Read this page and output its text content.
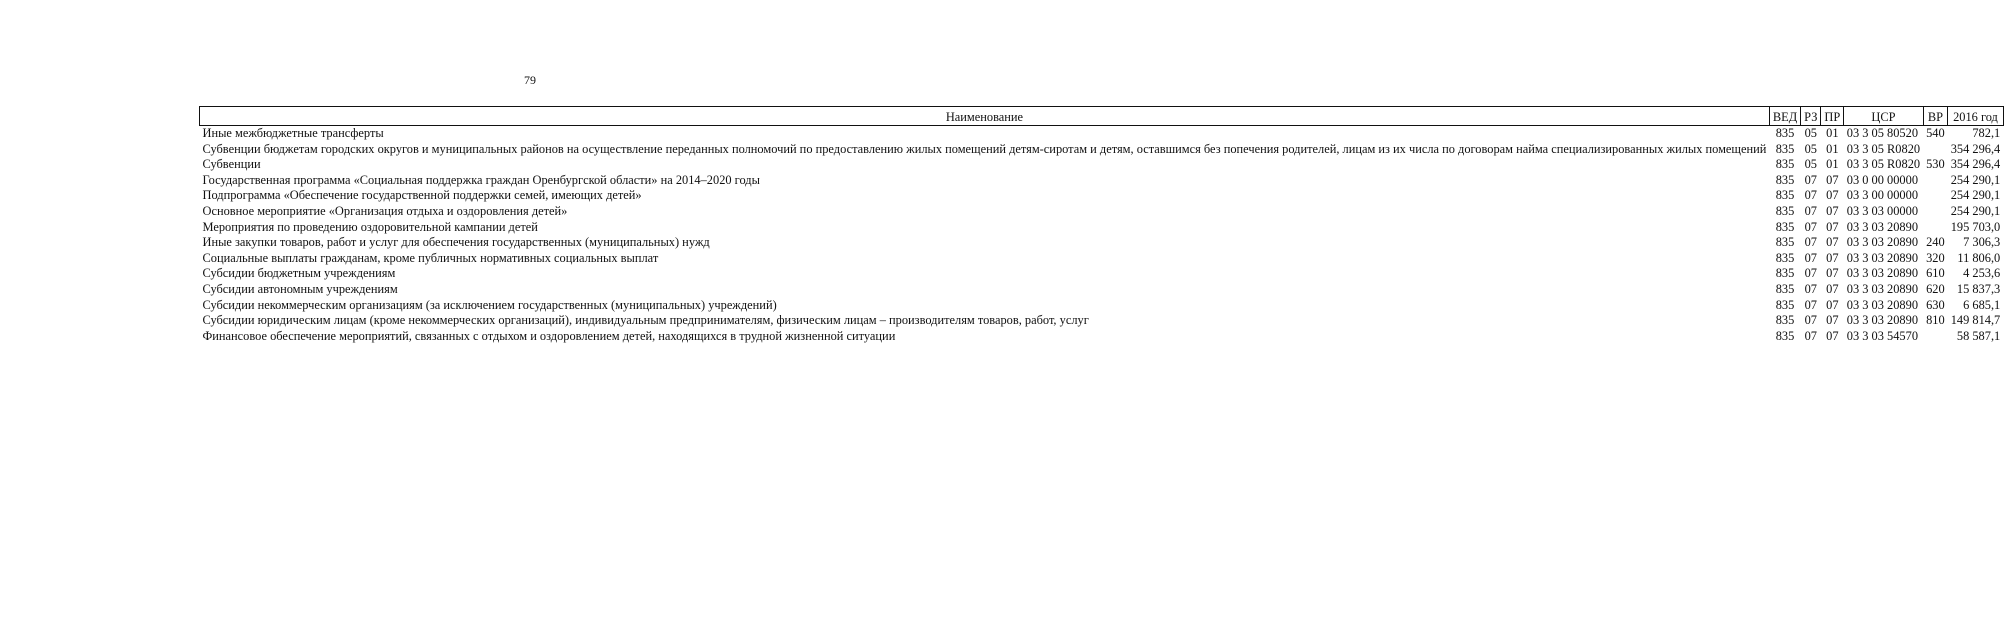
79
Наименование	ВЕД	РЗ	ПР	ЦСР	ВР	2016 год
Иные межбюджетные трансферты	835	05	01	03 3 05 80520	540	782,1
Субвенции бюджетам городских округов и муниципальных районов на осуществление переданных полномочий по предоставлению жилых помещений детям-сиротам и детям, оставшимся без попечения родителей, лицам из их числа по договорам найма специализированных жилых помещений	835	05	01	03 3 05 R0820		354 296,4
Субвенции	835	05	01	03 3 05 R0820	530	354 296,4
Государственная программа «Социальная поддержка граждан Оренбургской области» на 2014–2020 годы	835	07	07	03 0 00 00000		254 290,1
Подпрограмма «Обеспечение государственной поддержки семей, имеющих детей»	835	07	07	03 3 00 00000		254 290,1
Основное мероприятие «Организация отдыха и оздоровления детей»	835	07	07	03 3 03 00000		254 290,1
Мероприятия по проведению оздоровительной кампании детей	835	07	07	03 3 03 20890		195 703,0
Иные закупки товаров, работ и услуг для обеспечения государственных (муниципальных) нужд	835	07	07	03 3 03 20890	240	7 306,3
Социальные выплаты гражданам, кроме публичных нормативных социальных выплат	835	07	07	03 3 03 20890	320	11 806,0
Субсидии бюджетным учреждениям	835	07	07	03 3 03 20890	610	4 253,6
Субсидии автономным учреждениям	835	07	07	03 3 03 20890	620	15 837,3
Субсидии некоммерческим организациям (за исключением государственных (муниципальных) учреждений)	835	07	07	03 3 03 20890	630	6 685,1
Субсидии юридическим лицам (кроме некоммерческих организаций), индивидуальным предпринимателям, физическим лицам – производителям товаров, работ, услуг	835	07	07	03 3 03 20890	810	149 814,7
Финансовое обеспечение мероприятий, связанных с отдыхом и оздоровлением детей, находящихся в трудной жизненной ситуации	835	07	07	03 3 03 54570		58 587,1
